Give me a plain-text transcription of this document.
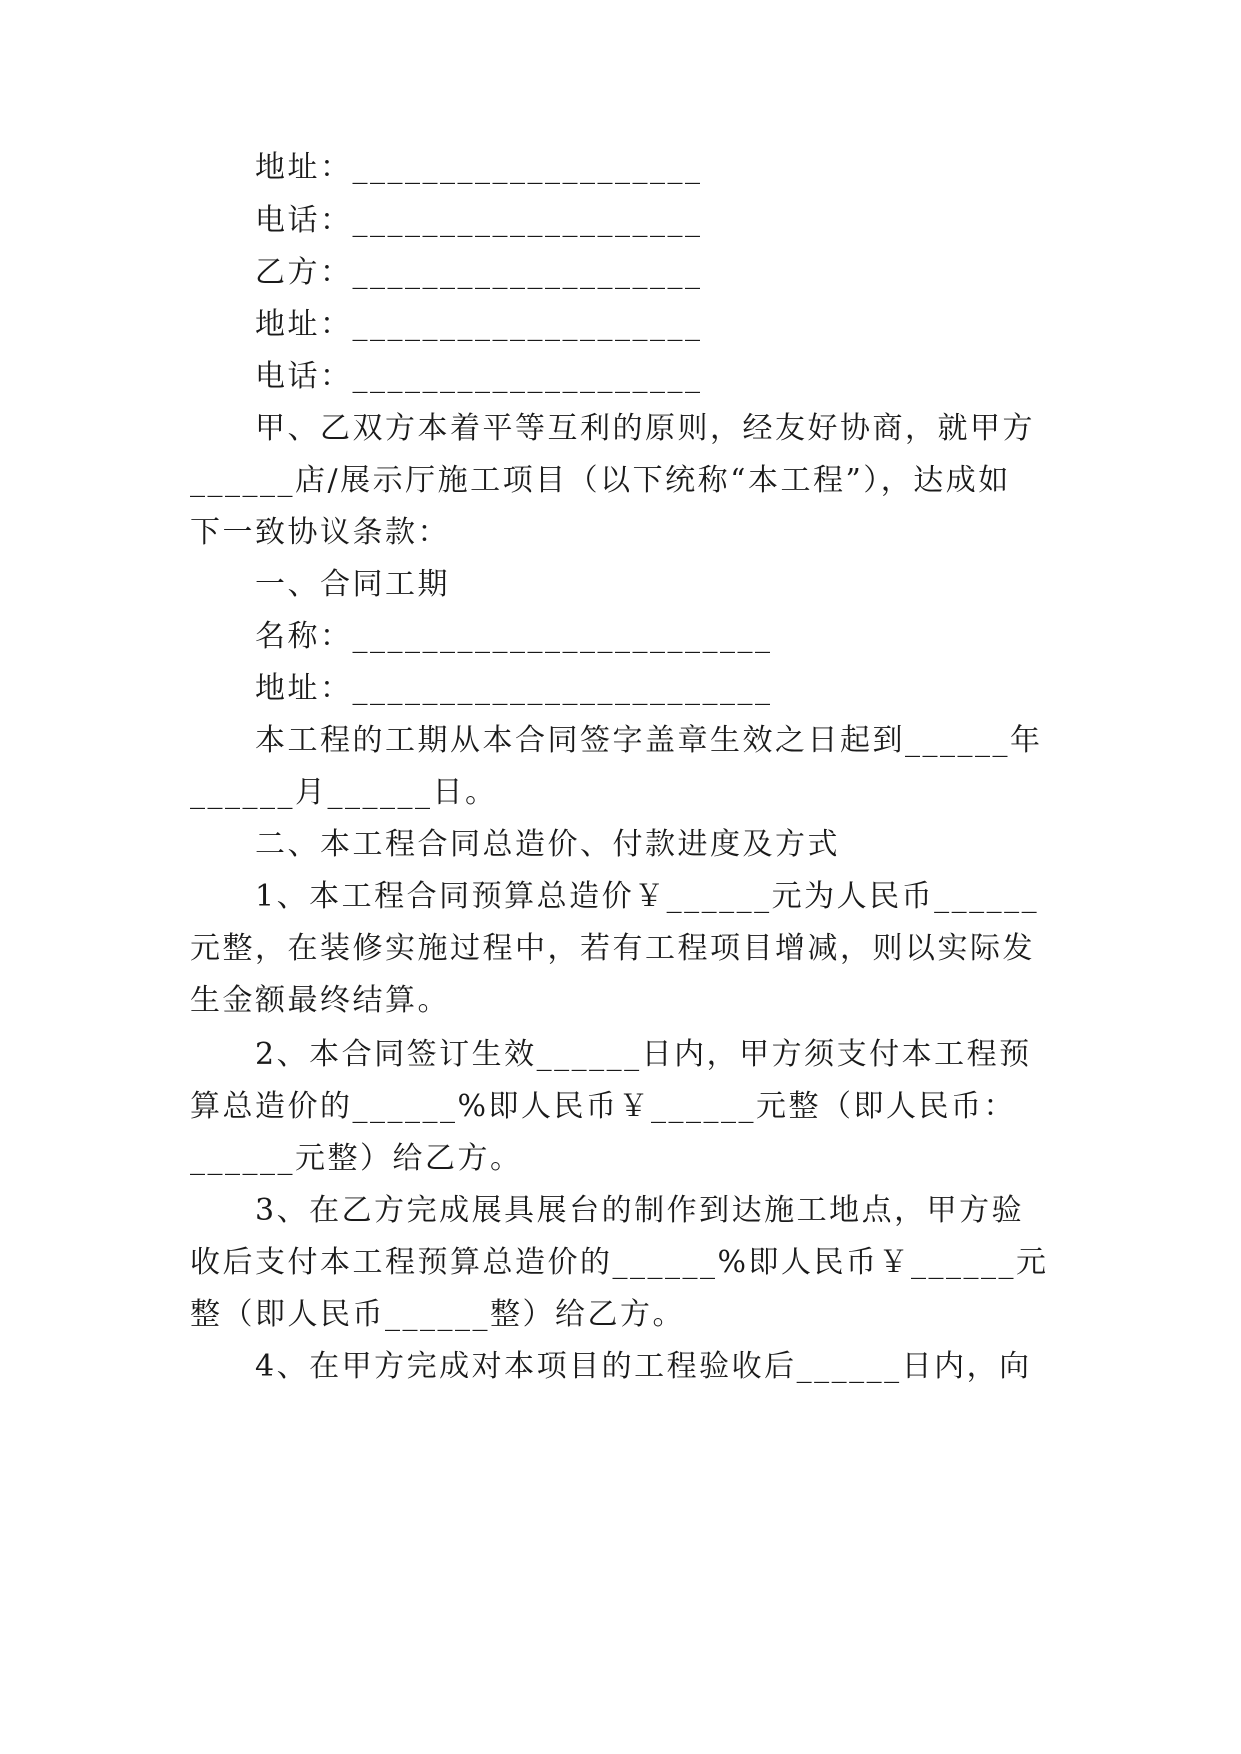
　　地址：____________________
　　电话：____________________
　　乙方：____________________
　　地址：____________________
　　电话：____________________
　　甲、乙双方本着平等互利的原则，经友好协商，就甲方
______店/展示厅施工项目（以下统称“本工程”），达成如
下一致协议条款：
　　一、合同工期
　　名称：________________________
　　地址：________________________
　　本工程的工期从本合同签字盖章生效之日起到______年
______月______日。
　　二、本工程合同总造价、付款进度及方式
　　1、本工程合同预算总造价￥______元为人民币______
元整，在装修实施过程中，若有工程项目增减，则以实际发
生金额最终结算。
　　2、本合同签订生效______日内，甲方须支付本工程预
算总造价的______%即人民币￥______元整（即人民币：
______元整）给乙方。
　　3、在乙方完成展具展台的制作到达施工地点，甲方验
收后支付本工程预算总造价的______%即人民币￥______元
整（即人民币______整）给乙方。
　　4、在甲方完成对本项目的工程验收后______日内，向
